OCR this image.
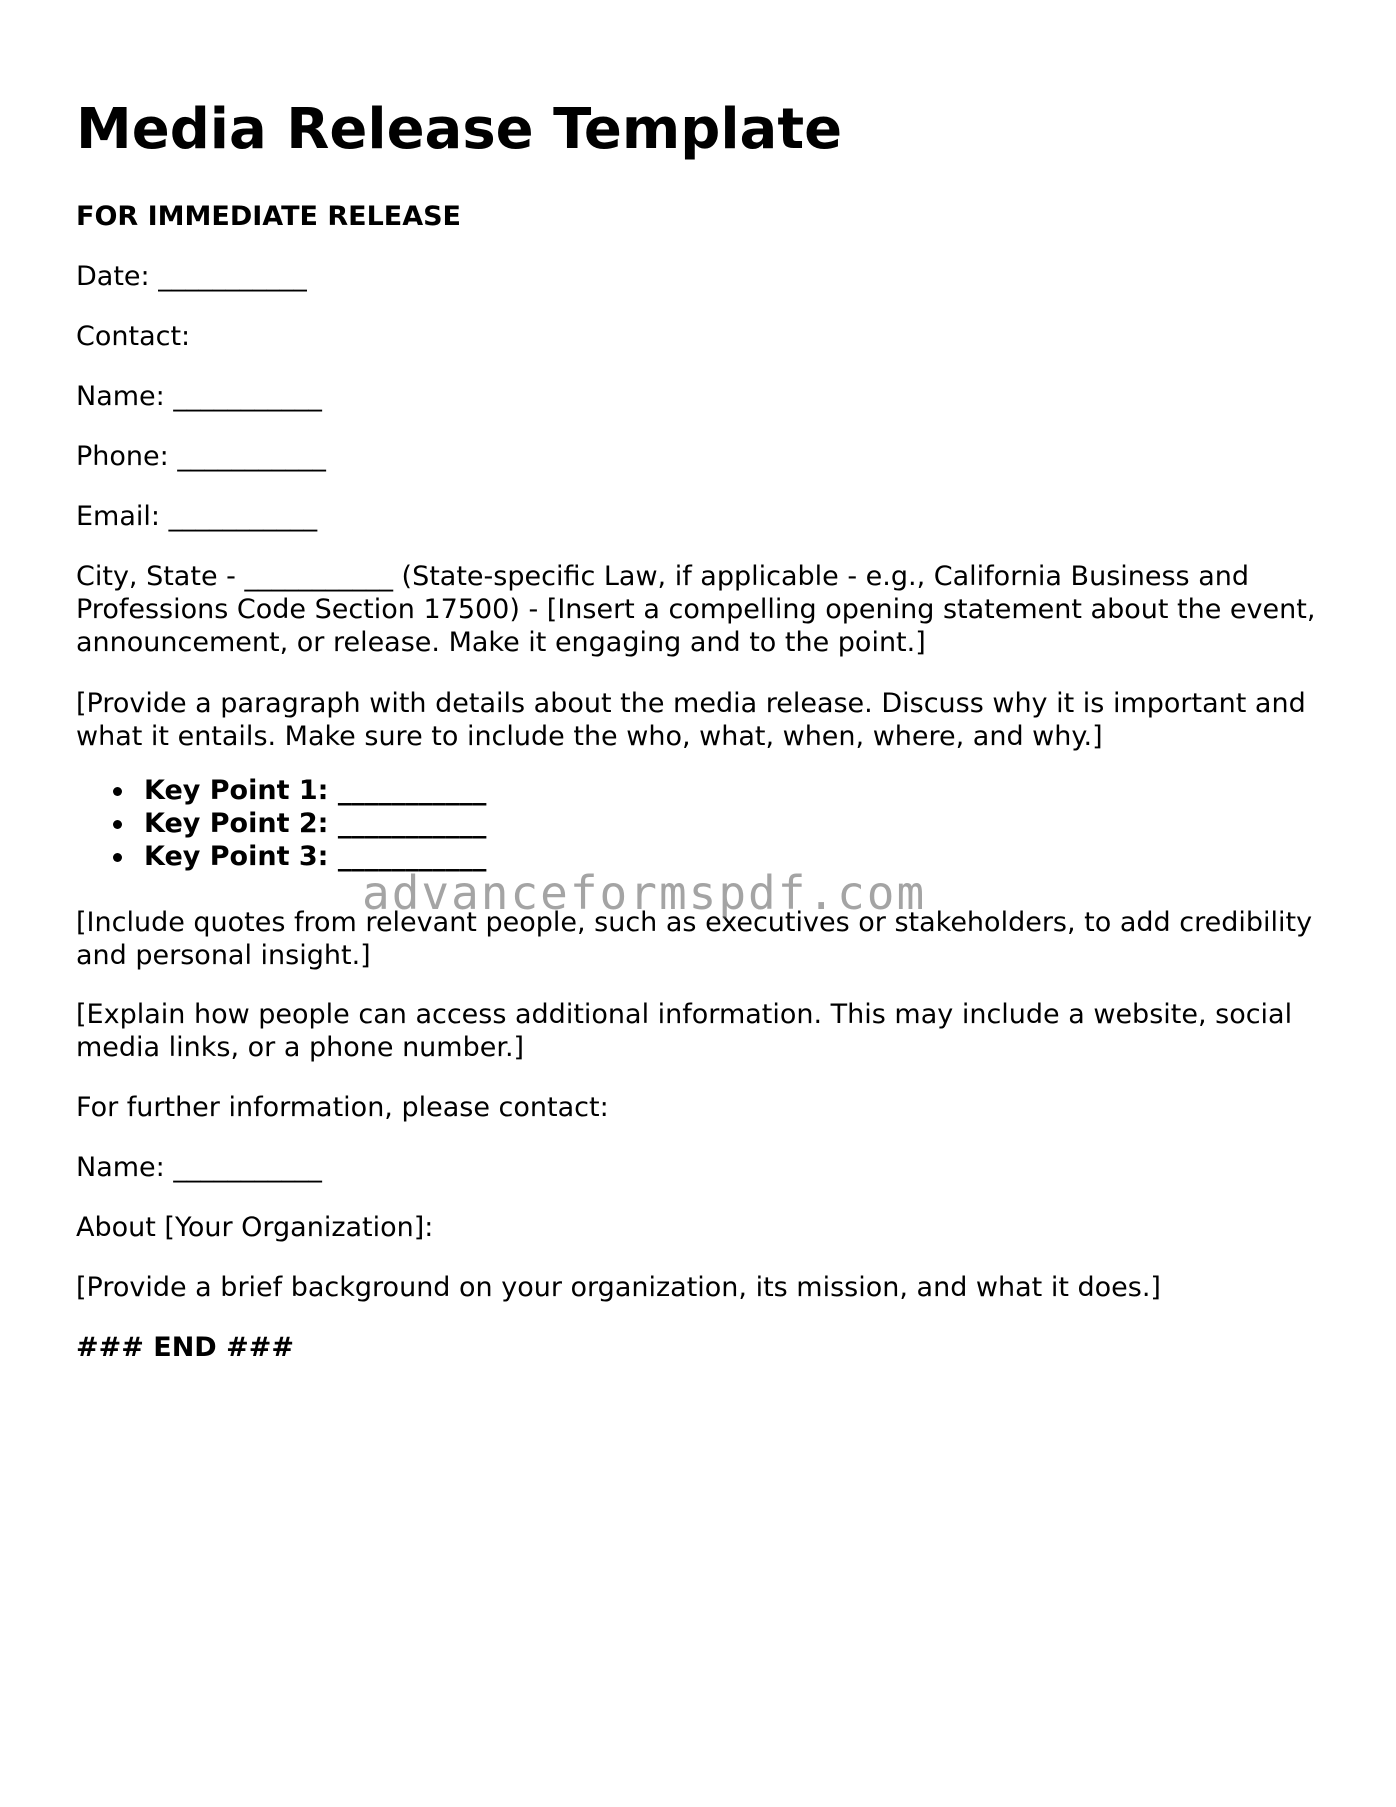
Media Release Template

FOR IMMEDIATE RELEASE

Date: ___________

Contact:

Name: ___________

Phone: ___________

Email: ___________

City, State - ___________ (State-specific Law, if applicable - e.g., California Business and Professions Code Section 17500) - [Insert a compelling opening statement about the event, announcement, or release. Make it engaging and to the point.]

[Provide a paragraph with details about the media release. Discuss why it is important and what it entails. Make sure to include the who, what, when, where, and why.]

Key Point 1: ___________
Key Point 2: ___________
Key Point 3: ___________

[Include quotes from relevant people, such as executives or stakeholders, to add credibility and personal insight.]

[Explain how people can access additional information. This may include a website, social media links, or a phone number.]

For further information, please contact:

Name: ___________

About [Your Organization]:

[Provide a brief background on your organization, its mission, and what it does.]

### END ###

advanceformspdf.com
